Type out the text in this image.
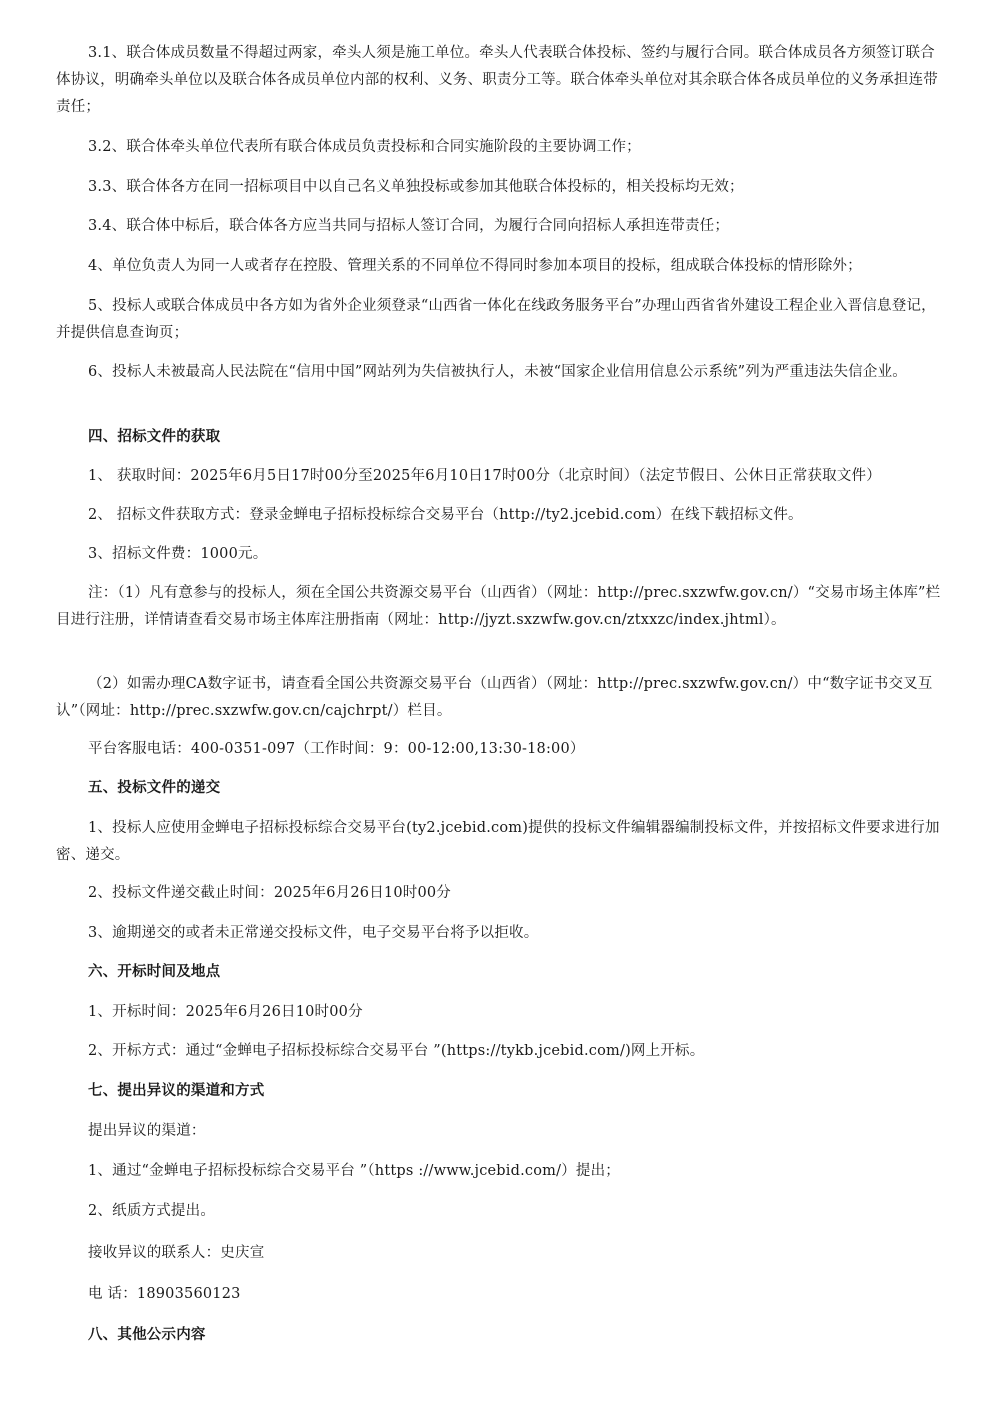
3.1、联合体成员数量不得超过两家，牵头人须是施工单位。牵头人代表联合体投标、签约与履行合同。联合体成员各方须签订联合体协议，明确牵头单位以及联合体各成员单位内部的权利、义务、职责分工等。联合体牵头单位对其余联合体各成员单位的义务承担连带责任；

3.2、联合体牵头单位代表所有联合体成员负责投标和合同实施阶段的主要协调工作；

3.3、联合体各方在同一招标项目中以自己名义单独投标或参加其他联合体投标的，相关投标均无效；

3.4、联合体中标后，联合体各方应当共同与招标人签订合同，为履行合同向招标人承担连带责任；

4、单位负责人为同一人或者存在控股、管理关系的不同单位不得同时参加本项目的投标，组成联合体投标的情形除外；

5、投标人或联合体成员中各方如为省外企业须登录“山西省一体化在线政务服务平台”办理山西省省外建设工程企业入晋信息登记，并提供信息查询页；

6、投标人未被最高人民法院在“信用中国”网站列为失信被执行人，未被“国家企业信用信息公示系统”列为严重违法失信企业。

四、招标文件的获取

1、 获取时间：2025年6月5日17时00分至2025年6月10日17时00分（北京时间）（法定节假日、公休日正常获取文件）

2、 招标文件获取方式：登录金蝉电子招标投标综合交易平台（http://ty2.jcebid.com）在线下载招标文件。

3、招标文件费：1000元。

注：（1）凡有意参与的投标人，须在全国公共资源交易平台（山西省）（网址：http://prec.sxzwfw.gov.cn/）“交易市场主体库”栏目进行注册，详情请查看交易市场主体库注册指南（网址：http://jyzt.sxzwfw.gov.cn/ztxxzc/index.jhtml）。

（2）如需办理CA数字证书，请查看全国公共资源交易平台（山西省）（网址：http://prec.sxzwfw.gov.cn/）中“数字证书交叉互认”（网址：http://prec.sxzwfw.gov.cn/cajchrpt/）栏目。

平台客服电话：400-0351-097（工作时间：9：00-12:00,13:30-18:00）

五、投标文件的递交

1、投标人应使用金蝉电子招标投标综合交易平台(ty2.jcebid.com)提供的投标文件编辑器编制投标文件，并按招标文件要求进行加密、递交。

2、投标文件递交截止时间：2025年6月26日10时00分

3、逾期递交的或者未正常递交投标文件，电子交易平台将予以拒收。

六、开标时间及地点

1、开标时间：2025年6月26日10时00分

2、开标方式：通过“金蝉电子招标投标综合交易平台 ”(https://tykb.jcebid.com/)网上开标。

七、提出异议的渠道和方式

提出异议的渠道：

1、通过“金蝉电子招标投标综合交易平台 ”（https ://www.jcebid.com/）提出；

2、纸质方式提出。

接收异议的联系人：史庆宣

电 话：18903560123

八、其他公示内容
